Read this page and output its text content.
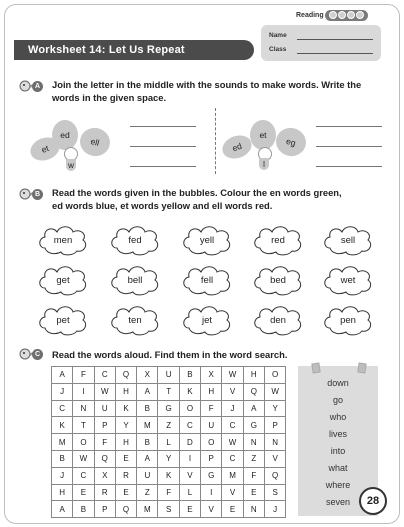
Reading
Worksheet 14: Let Us Repeat
Name
Class
A	Join the letter in the middle with the sounds to make words. Write the
words in the given space.
et
ed
ell
w
ed
et
eg
l
B	Read the words given in the bubbles. Colour the en words green,
ed words blue, et words yellow and ell words red.
men	fed	yell	red	sell
get	bell	fell	bed	wet
pet	ten	jet	den	pen
C	Read the words aloud. Find them in the word search.
A	F	C	Q	X	U	B	X	W	H	O
J	I	W	H	A	T	K	H	V	Q	W
C	N	U	K	B	G	O	F	J	A	Y
K	T	P	Y	M	Z	C	U	C	G	P
M	O	F	H	B	L	D	O	W	N	N
B	W	Q	E	A	Y	I	P	C	Z	V
J	C	X	R	U	K	V	G	M	F	Q
H	E	R	E	Z	F	L	I	V	E	S
A	B	P	Q	M	S	E	V	E	N	J
down
go
who
lives
into
what
where
seven	28
